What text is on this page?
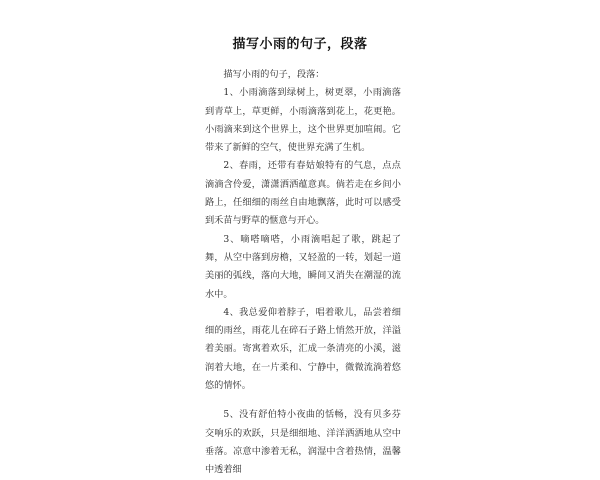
描写小雨的句子，段落

描写小雨的句子，段落：

1、小雨滴落到绿树上，树更翠，小雨滴落到青草上，草更鲜，小雨滴落到花上，花更艳。小雨滴来到这个世界上，这个世界更加喧闹。它带来了新鲜的空气，使世界充满了生机。

2、春雨，还带有春姑娘特有的气息，点点滴滴含伶爱，潇潇洒洒蕴意真。倘若走在乡间小路上，任细细的雨丝自由地飘落，此时可以感受到禾苗与野草的惬意与开心。

3、嘀嗒嘀嗒，小雨滴唱起了歌，跳起了舞，从空中落到房檐，又轻盈的一转，划起一道美丽的弧线，落向大地，瞬间又消失在潮湿的流水中。

4、我总爱仰着脖子，唱着歌儿，品尝着细细的雨丝，雨花儿在碎石子路上悄然开放，洋溢着美丽。寄寓着欢乐，汇成一条清亮的小溪，滋润着大地，在一片柔和、宁静中，微微流淌着悠悠的情怀。

5、没有舒伯特小夜曲的恬畅，没有贝多芬交响乐的欢跃，只是细细地、洋洋洒洒地从空中垂落。凉意中渗着无私，润湿中含着热情，温馨中透着细
